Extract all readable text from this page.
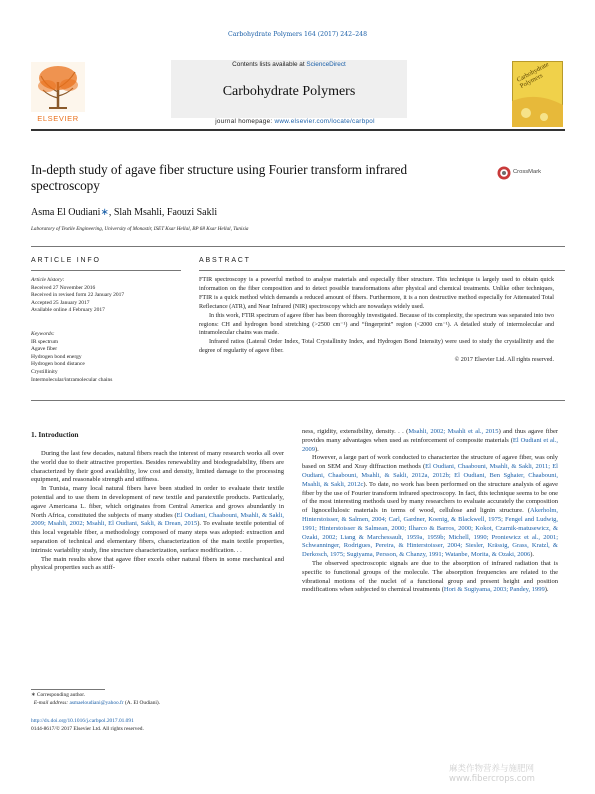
Carbohydrate Polymers 164 (2017) 242–248
ELSEVIER
Contents lists available at ScienceDirect
Carbohydrate Polymers
journal homepage: www.elsevier.com/locate/carbpol
Carbohydrate Polymers
In-depth study of agave fiber structure using Fourier transform infrared spectroscopy
CrossMark
Asma El Oudiani∗, Slah Msahli, Faouzi Sakli
Laboratory of Textile Engineering, University of Monastir, ISET Ksar Hellal, BP 68 Ksar Hellal, Tunisia
ARTICLE INFO
Article history:
Received 27 November 2016
Received in revised form 22 January 2017
Accepted 25 January 2017
Available online 4 February 2017
Keywords:
IR spectrum
Agave fiber
Hydrogen bond energy
Hydrogen bond distance
Crystillinity
Intermolecular/intramolecular chains
ABSTRACT

FTIR spectroscopy is a powerful method to analyse materials and especially fiber structure. This technique is largely used to obtain quick information on the fiber composition and to detect possible transformations after physical and chemical treatments. Unlike other techniques, FTIR is a quick method which demands a reduced amount of fibers. Furthermore, it is a non destructive method especially for Attenuated Total Reflectance (ATR), and Near Infrared (NIR) spectroscopy which are nowadays widely used.

In this work, FTIR spectrum of agave fiber has been thoroughly investigated. Because of its complexity, the spectrum was separated into two regions: CH and hydrogen bond stretching (>2500 cm⁻¹) and “fingerprint” region (<2000 cm⁻¹). A detailed study of intermolecular and intramolecular chains was made.

Infrared ratios (Lateral Order Index, Total Crystallinity Index, and Hydrogen Bond Intensity) were used to study the crystallinity and the degree of regularity of agave fiber.

© 2017 Elsevier Ltd. All rights reserved.

1. Introduction

During the last few decades, natural fibers reach the interest of many research works all over the world due to their attractive properties. Besides renewability and biodegradability, fibers are characterized by their good availability, low cost and density, limited damage to the processing equipment, and reasonable strength and stiffness.

In Tunisia, many local natural fibers have been studied in order to evaluate their textile potential and to use them in development of new textile and paratextile products. Particularly, agave Americana L. fiber, which originates from Central America and grows abundantly in North Africa, constituted the subjects of many studies (El Oudiani, Chaabouni, Msahli, & Sakli, 2009; Msahli, 2002; Msahli, El Oudiani, Sakli, & Drean, 2015). To evaluate textile potential of this local vegetable fiber, a methodology composed of many steps was adopted: extraction and separation of technical and elementary fibers, characterization of the main textile properties, intrinsic variability study, fine structure characterization, surface modification. . .

The main results show that agave fiber excels other natural fibers in some mechanical and physical properties such as stiff-

ness, rigidity, extensibility, density. . . (Msahli, 2002; Msahli et al., 2015) and thus agave fiber provides many advantages when used as reinforcement of composite materials (El Oudiani et al., 2009).

However, a large part of work conducted to characterize the structure of agave fiber, was only based on SEM and Xray diffraction methods (El Oudiani, Chaabouni, Msahli, & Sakli, 2011; El Oudiani, Chaabouni, Msahli, & Sakli, 2012a, 2012b; El Oudiani, Ben Sghaier, Chaabouni, Msahli, & Sakli, 2012c). To date, no work has been performed on the structure analysis of agave fiber by the use of Fourier transform infrared spectroscopy. In fact, this technique seems to be one of the most interesting methods used by many researchers to evaluate accurately the composition of lignocellulosic materials in terms of wood, cellulose and lignin structure. (Akerholm, Hinterstoisser, & Salmen, 2004; Carl, Gardner, Koenig, & Blackwell, 1975; Fengel and Ludwig, 1991; Hinterstoisser & Salmean, 2000; Ilharco & Barros, 2000; Kokot, Czarnik-matusewicz, & Ozaki, 2002; Liang & Marchessault, 1959a, 1959b; Michell, 1990; Proniewicz et al., 2001; Schwanninger, Rodrigues, Pereira, & Hinterstoisser, 2004; Siesler, Krässig, Grass, Kratzl, & Derkosch, 1975; Sugiyama, Persson, & Chanzy, 1991; Watanbe, Morita, & Ozaki, 2006).

The observed spectroscopic signals are due to the absorption of infrared radiation that is specific to functional groups of the molecule. The absorption frequencies are related to the vibrational motions of the nuclei of a functional group and present height and position modifications when subjected to chemical treatments (Hori & Sugiyama, 2003; Pandey, 1999).

∗ Corresponding author.
E-mail address: asmaeloudiani@yahoo.fr (A. El Oudiani).
http://dx.doi.org/10.1016/j.carbpol.2017.01.091
0144-8617/© 2017 Elsevier Ltd. All rights reserved.
麻类作物营养与施肥网 www.fibercrops.com
